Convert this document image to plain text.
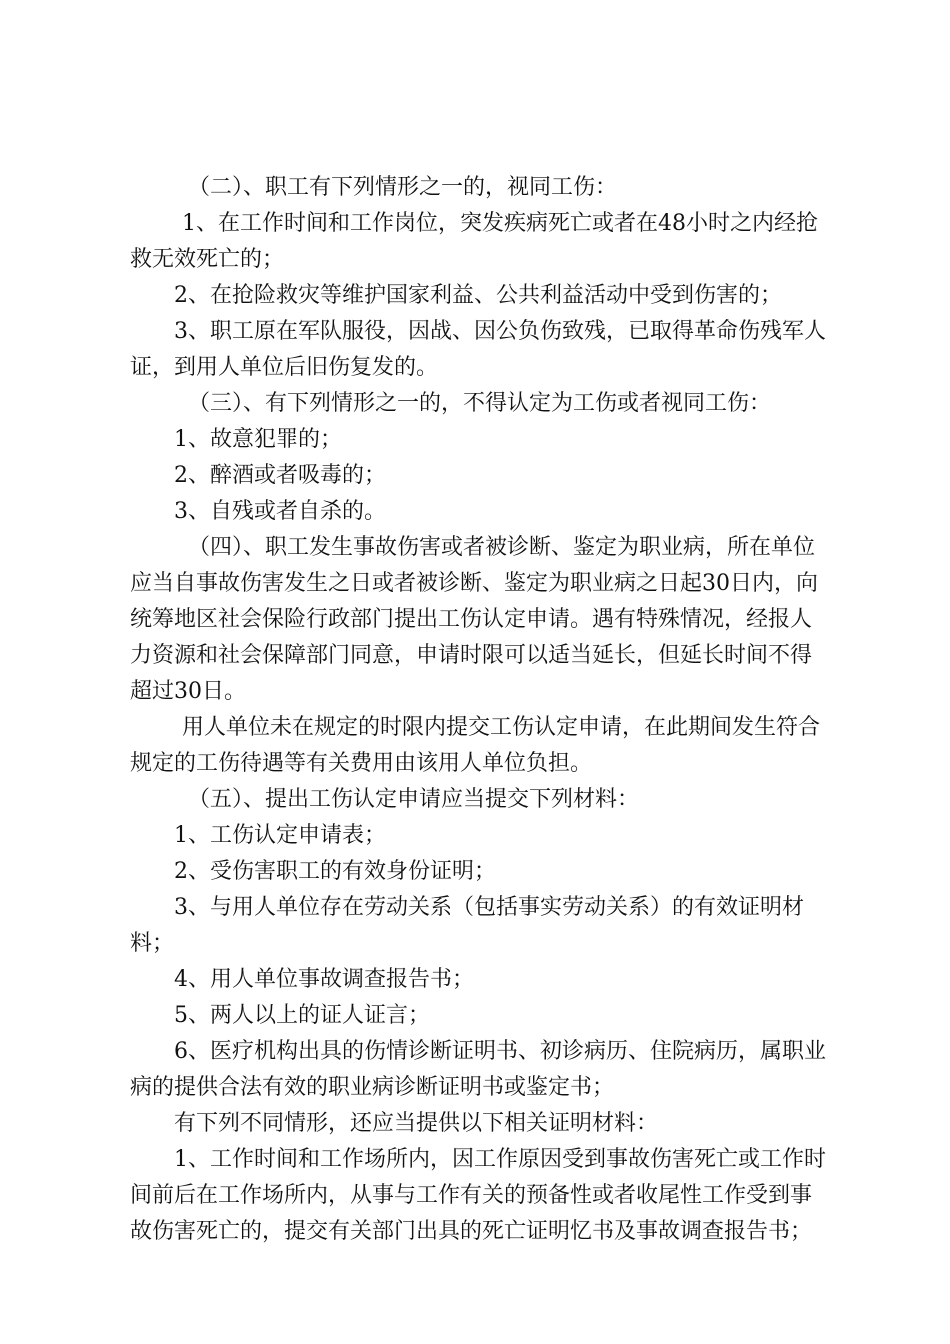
（二）、职工有下列情形之一的，视同工伤：

1、在工作时间和工作岗位，突发疾病死亡或者在48小时之内经抢救无效死亡的；

2、在抢险救灾等维护国家利益、公共利益活动中受到伤害的；

3、职工原在军队服役，因战、因公负伤致残，已取得革命伤残军人证，到用人单位后旧伤复发的。

（三）、有下列情形之一的，不得认定为工伤或者视同工伤：

1、故意犯罪的；

2、醉酒或者吸毒的；

3、自残或者自杀的。

（四）、职工发生事故伤害或者被诊断、鉴定为职业病，所在单位应当自事故伤害发生之日或者被诊断、鉴定为职业病之日起30日内，向统筹地区社会保险行政部门提出工伤认定申请。遇有特殊情况，经报人力资源和社会保障部门同意，申请时限可以适当延长，但延长时间不得超过30日。

用人单位未在规定的时限内提交工伤认定申请，在此期间发生符合规定的工伤待遇等有关费用由该用人单位负担。

（五）、提出工伤认定申请应当提交下列材料：

1、工伤认定申请表；

2、受伤害职工的有效身份证明；

3、与用人单位存在劳动关系（包括事实劳动关系）的有效证明材料；

4、用人单位事故调查报告书；

5、两人以上的证人证言；

6、医疗机构出具的伤情诊断证明书、初诊病历、住院病历，属职业病的提供合法有效的职业病诊断证明书或鉴定书；

有下列不同情形，还应当提供以下相关证明材料：

1、工作时间和工作场所内，因工作原因受到事故伤害死亡或工作时间前后在工作场所内，从事与工作有关的预备性或者收尾性工作受到事故伤害死亡的，提交有关部门出具的死亡证明忆书及事故调查报告书；
